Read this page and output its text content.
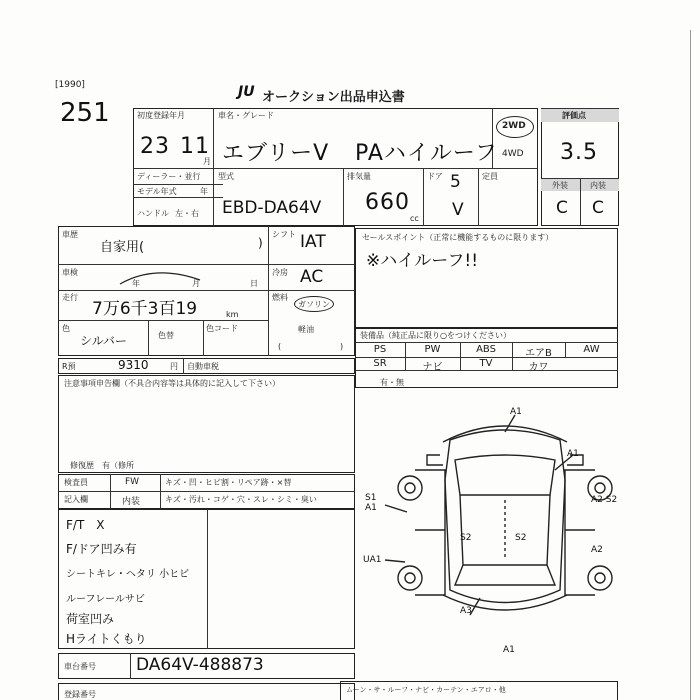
[1990]
251
JU オークション出品申込書
初度登録年月
23 11
月
車名・グレード
エブリーV PAハイルーフ
2WD
4WD
ディーラー・並行
モデル年式	年
ハンドル 左・右
型式
EBD-DA64V
排気量
660
cc
ドア 5
V
定員
評価点
3.5
外装	内装
C C
車歴
自家用(	)
シフト IAT
車検
年	月	日
冷房 AC
走行
7万6千3百19	km
燃料
ガソリン
軽油
色
シルバー	色替
色コード
(	)
R預	9310	円 自動車税
注意事項申告欄（不具合内容等は具体的に記入して下さい）
修復歴　有（修所
セールスポイント（正常に機能するものに限ります）
※ハイルーフ!!
装備品（純正品に限り○をつけください）
PS	PW	ABS	エアB	AW
SR	ナビ	TV	カワ
有・無
A1
A1
S1
A1
A2 S2
S2	S2
UA1
A2
A3
A1
検査員
記入欄
FW
内装
キズ・凹・ヒビ割・リペア跡・×替
キズ・汚れ・コゲ・穴・スレ・シミ・臭い
F/T　X
F/ドア凹み有
シートキレ・ヘタリ 小ヒビ
ルーフレールサビ
荷室凹み
Hライトくもり
車台番号 DA64V-488873
登録番号	ムーン・サ・ルーフ・ナビ・カーテン・エアロ・他
